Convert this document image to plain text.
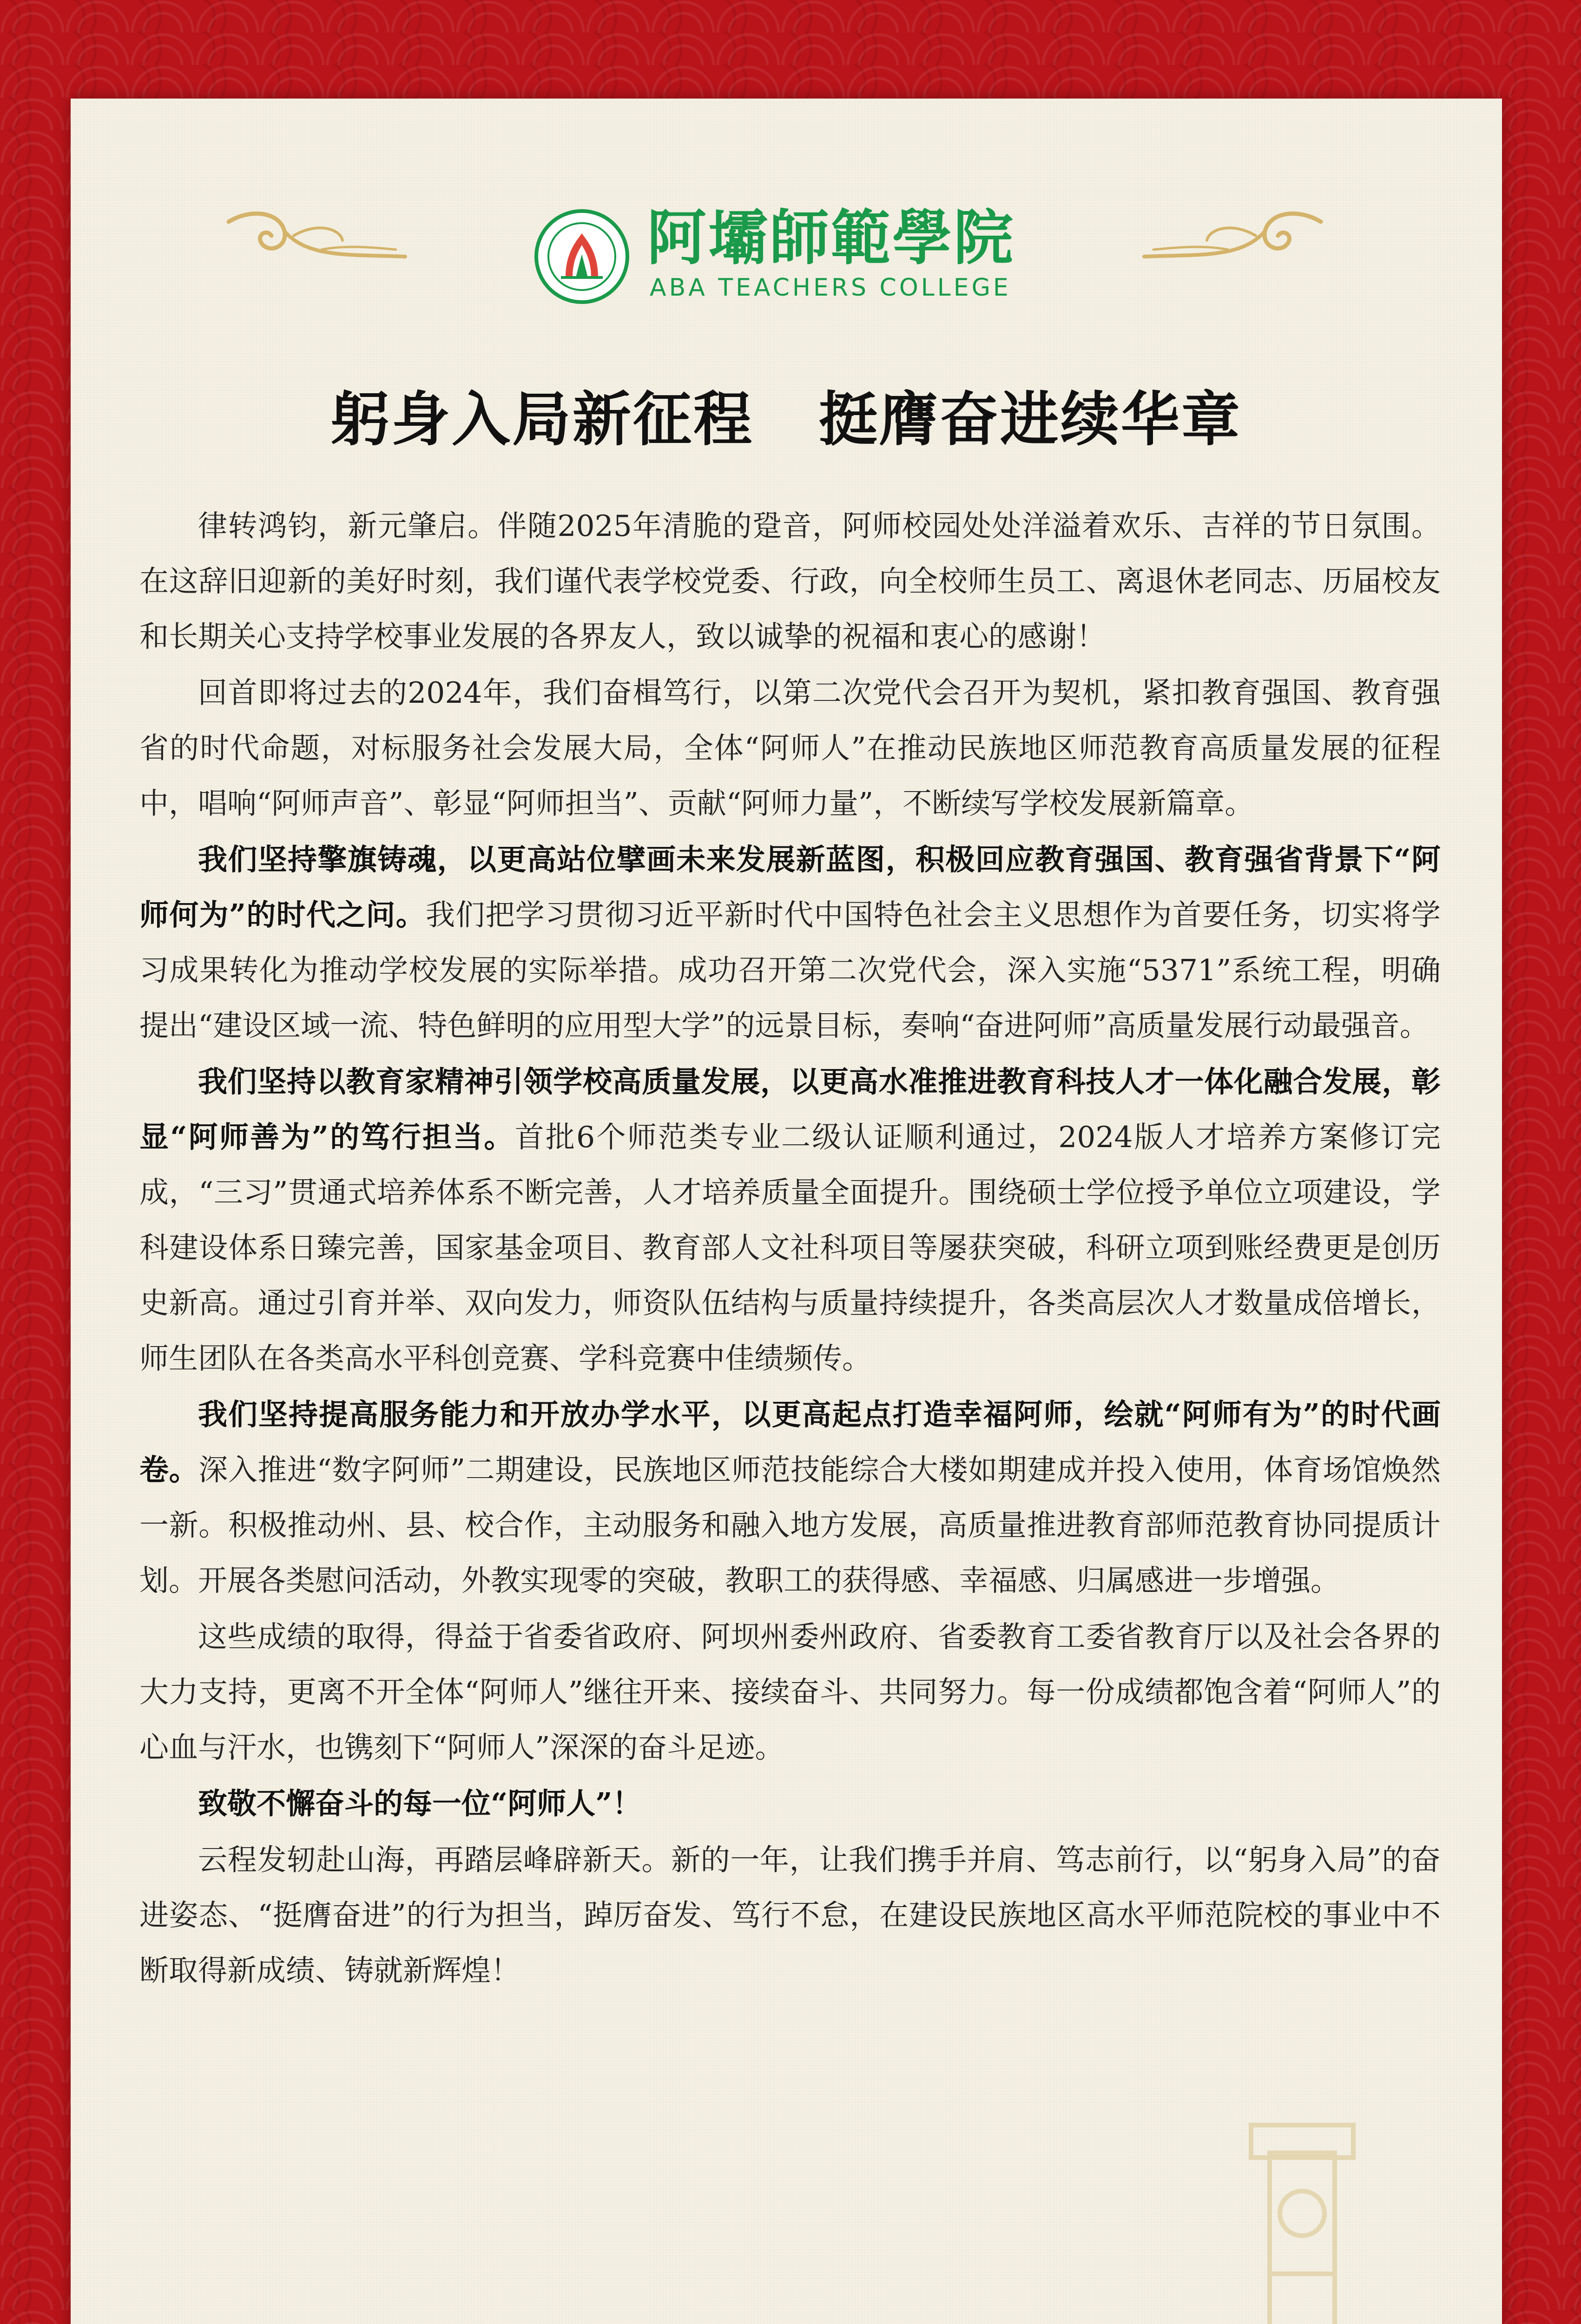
阿壩師範學院
ABA TEACHERS COLLEGE
躬身入局新征程 挺膺奋进续华章

律转鸿钧，新元肇启。伴随2025年清脆的跫音，阿师校园处处洋溢着欢乐、吉祥的节日氛围。在这辞旧迎新的美好时刻，我们谨代表学校党委、行政，向全校师生员工、离退休老同志、历届校友和长期关心支持学校事业发展的各界友人，致以诚挚的祝福和衷心的感谢！

回首即将过去的2024年，我们奋楫笃行，以第二次党代会召开为契机，紧扣教育强国、教育强省的时代命题，对标服务社会发展大局，全体“阿师人”在推动民族地区师范教育高质量发展的征程中，唱响“阿师声音”、彰显“阿师担当”、贡献“阿师力量”，不断续写学校发展新篇章。

我们坚持擎旗铸魂，以更高站位擘画未来发展新蓝图，积极回应教育强国、教育强省背景下“阿师何为”的时代之问。我们把学习贯彻习近平新时代中国特色社会主义思想作为首要任务，切实将学习成果转化为推动学校发展的实际举措。成功召开第二次党代会，深入实施“5371”系统工程，明确提出“建设区域一流、特色鲜明的应用型大学”的远景目标，奏响“奋进阿师”高质量发展行动最强音。

我们坚持以教育家精神引领学校高质量发展，以更高水准推进教育科技人才一体化融合发展，彰显“阿师善为”的笃行担当。首批6个师范类专业二级认证顺利通过，2024版人才培养方案修订完成，“三习”贯通式培养体系不断完善，人才培养质量全面提升。围绕硕士学位授予单位立项建设，学科建设体系日臻完善，国家基金项目、教育部人文社科项目等屡获突破，科研立项到账经费更是创历史新高。通过引育并举、双向发力，师资队伍结构与质量持续提升，各类高层次人才数量成倍增长，师生团队在各类高水平科创竞赛、学科竞赛中佳绩频传。

我们坚持提高服务能力和开放办学水平，以更高起点打造幸福阿师，绘就“阿师有为”的时代画卷。深入推进“数字阿师”二期建设，民族地区师范技能综合大楼如期建成并投入使用，体育场馆焕然一新。积极推动州、县、校合作，主动服务和融入地方发展，高质量推进教育部师范教育协同提质计划。开展各类慰问活动，外教实现零的突破，教职工的获得感、幸福感、归属感进一步增强。

这些成绩的取得，得益于省委省政府、阿坝州委州政府、省委教育工委省教育厅以及社会各界的大力支持，更离不开全体“阿师人”继往开来、接续奋斗、共同努力。每一份成绩都饱含着“阿师人”的心血与汗水，也镌刻下“阿师人”深深的奋斗足迹。

致敬不懈奋斗的每一位“阿师人”！

云程发轫赴山海，再踏层峰辟新天。新的一年，让我们携手并肩、笃志前行，以“躬身入局”的奋进姿态、“挺膺奋进”的行为担当，踔厉奋发、笃行不怠，在建设民族地区高水平师范院校的事业中不断取得新成绩、铸就新辉煌！
